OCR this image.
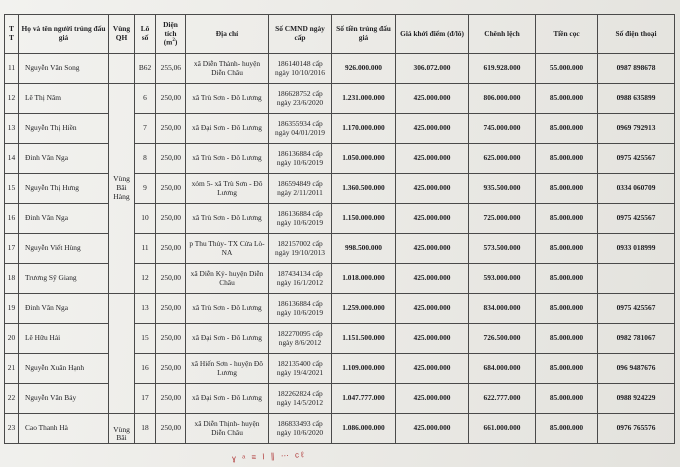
T T	Họ và tên người trúng đấu giá	Vùng QH	Lô số	Diện tích $(m^2)$	Địa chỉ	Số CMND ngày cấp	Số tiền trúng đấu giá	Giá khởi điểm (đ/lô)	Chênh lệch	Tiền cọc	Số điện thoại
11	Nguyễn Văn Song		B62	255,06	xã Diễn Thành- huyện Diễn Châu	186140148 cấp ngày 10/10/2016	926.000.000	306.072.000	619.928.000	55.000.000	0987 898678
12	Lê Thị Nâm	Vùng Bãi Hàng	6	250,00	xã Trù Sơn - Đô Lương	186628752 cấp ngày 23/6/2020	1.231.000.000	425.000.000	806.000.000	85.000.000	0988 635899
13	Nguyễn Thị Hiền		7	250,00	xã Đại Sơn - Đô Lương	186355934 cấp ngày 04/01/2019	1.170.000.000	425.000.000	745.000.000	85.000.000	0969 792913
14	Đinh Văn Nga		8	250,00	xã Trù Sơn - Đô Lương	186136884 cấp ngày 10/6/2019	1.050.000.000	425.000.000	625.000.000	85.000.000	0975 425567
15	Nguyễn Thị Hưng		9	250,00	xóm 5- xã Trù Sơn - Đô Lương	186594849 cấp ngày 2/11/2011	1.360.500.000	425.000.000	935.500.000	85.000.000	0334 060709
16	Đinh Văn Nga		10	250,00	xã Trù Sơn - Đô Lương	186136884 cấp ngày 10/6/2019	1.150.000.000	425.000.000	725.000.000	85.000.000	0975 425567
17	Nguyễn Viết Hùng		11	250,00	p Thu Thủy- TX Cửa Lò- NA	182157002 cấp ngày 19/10/2013	998.500.000	425.000.000	573.500.000	85.000.000	0933 018999
18	Trương Sỹ Giang		12	250,00	xã Diễn Kỷ- huyện Diễn Châu	187434134 cấp ngày 16/1/2012	1.018.000.000	425.000.000	593.000.000	85.000.000	
19	Đinh Văn Nga		13	250,00	xã Trù Sơn - Đô Lương	186136884 cấp ngày 10/6/2019	1.259.000.000	425.000.000	834.000.000	85.000.000	0975 425567
20	Lê Hữu Hải		15	250,00	xã Đại Sơn - Đô Lương	182270095 cấp ngày 8/6/2012	1.151.500.000	425.000.000	726.500.000	85.000.000	0982 781067
21	Nguyễn Xuân Hạnh		16	250,00	xã Hiến Sơn - huyện Đô Lương	182135400 cấp ngày 19/4/2021	1.109.000.000	425.000.000	684.000.000	85.000.000	096 9487676
22	Nguyễn Văn Bảy		17	250,00	xã Đại Sơn - Đô Lương	182262824 cấp ngày 14/5/2012	1.047.777.000	425.000.000	622.777.000	85.000.000	0988 924229
23	Cao Thanh Hà	Vùng Bãi	18	250,00	xã Diễn Thịnh- huyện Diễn Châu	186833493 cấp ngày 10/6/2020	1.086.000.000	425.000.000	661.000.000	85.000.000	0976 765576
ɣ ᵃ ≡ ǀ ∥ ⋯ ᴄℓ
